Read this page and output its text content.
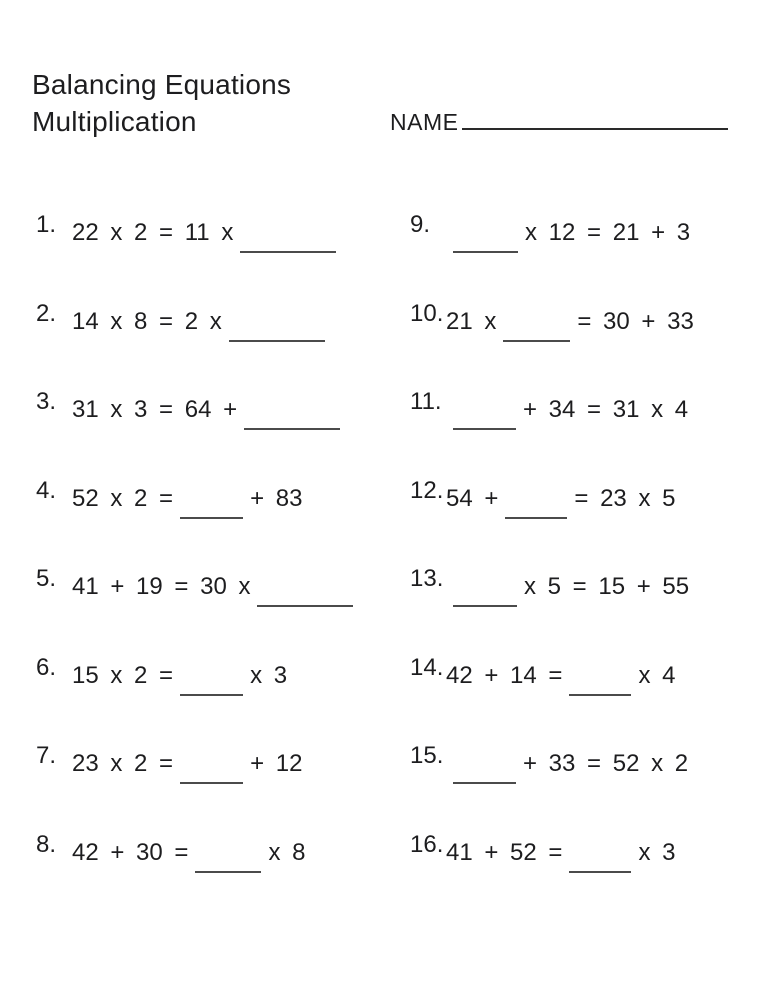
Balancing Equations
Multiplication	NAME
1. 22 x 2 = 11 x
2. 14 x 8 = 2 x
3. 31 x 3 = 64 +
4. 52 x 2 =	+ 83
5. 41 + 19 = 30 x
6. 15 x 2 =	x 3
7. 23 x 2 =	+ 12
8. 42 + 30 =	x 8
9.	x 12 = 21 + 3
10. 21 x	= 30 + 33
11.	+ 34 = 31 x 4
12. 54 +	= 23 x 5
13.	x 5 = 15 + 55
14. 42 + 14 =	x 4
15.	+ 33 = 52 x 2
16. 41 + 52 =	x 3
